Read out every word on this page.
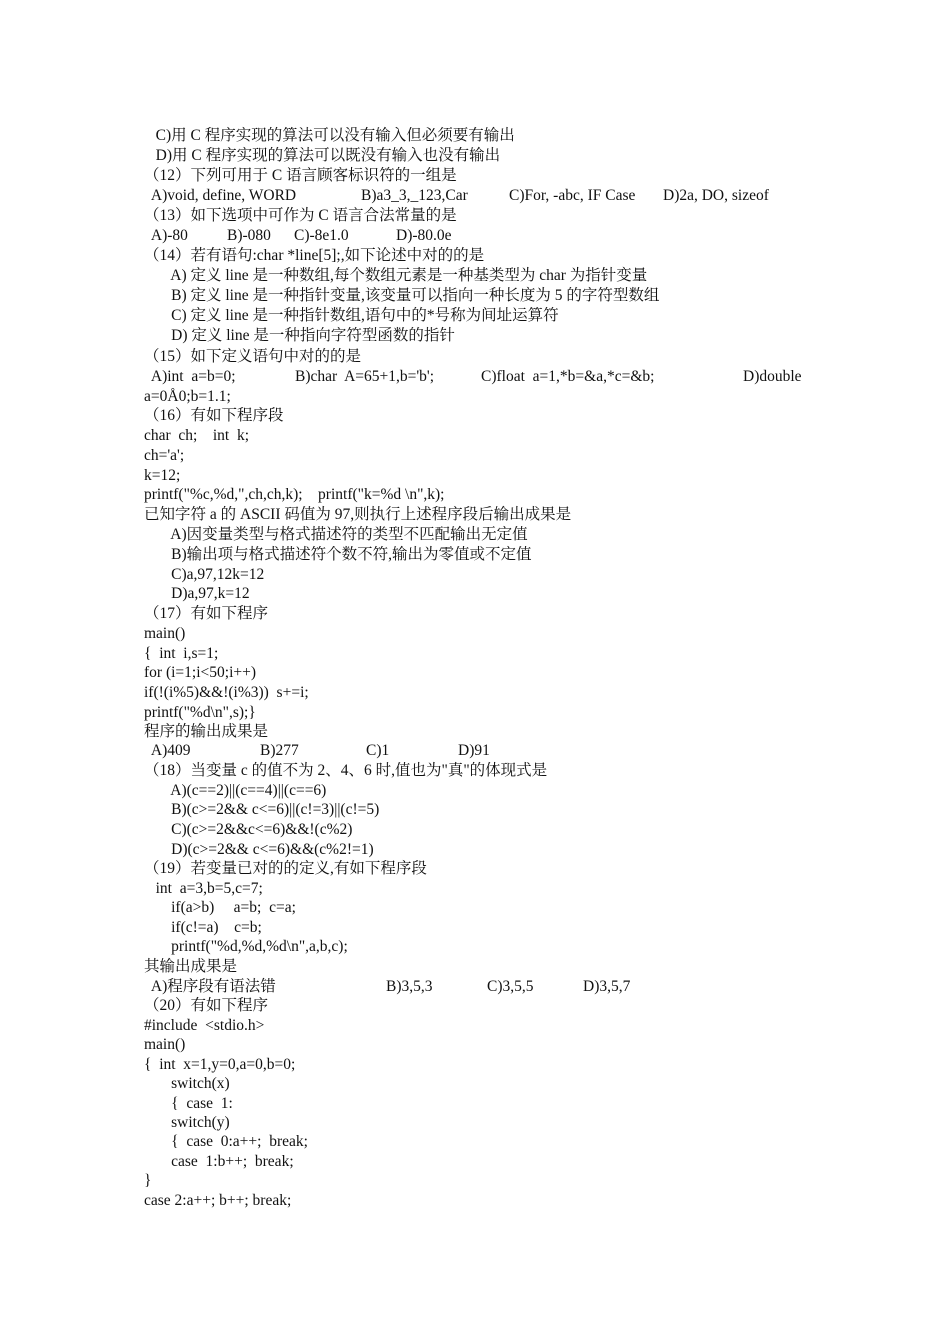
C)用 C 程序实现的算法可以没有输入但必须要有输出
D)用 C 程序实现的算法可以既没有输入也没有输出
（12）下列可用于 C 语言顾客标识符的一组是

A)void, define, WORD

	B)a3_3,_123,Car

	C)For, -abc, IF Case

D)2a, DO, sizeof

（13）如下选项中可作为 C 语言合法常量的是

A)-80

	B)-080

C)-8e1.0

	D)-80.0e

（14）若有语句:char *line[5];,如下论述中对的的是
A) 定义 line 是一种数组,每个数组元素是一种基类型为 char 为指针变量
B) 定义 line 是一种指针变量,该变量可以指向一种长度为 5 的字符型数组
C) 定义 line 是一种指针数组,语句中的*号称为间址运算符
D) 定义 line 是一种指向字符型函数的指针
（15）如下定义语句中对的的是

A)int  a=b=0;

	B)char  A=65+1,b='b';

	C)float  a=1,*b=&a,*c=&b;

	D)double

a=0Å0;b=1.1;
（16）有如下程序段
char  ch;    int  k;
ch='a';
k=12;
printf("%c,%d,",ch,ch,k);    printf("k=%d \n",k);
已知字符 a 的 ASCII 码值为 97,则执行上述程序段后输出成果是
A)因变量类型与格式描述符的类型不匹配输出无定值
B)输出项与格式描述符个数不符,输出为零值或不定值
C)a,97,12k=12
D)a,97,k=12
（17）有如下程序
main()
{  int  i,s=1;
for (i=1;i<50;i++)
if(!(i%5)&&!(i%3))  s+=i;
printf("%d\n",s);}
程序的输出成果是

A)409

	B)277

	C)1

	D)91

（18）当变量 c 的值不为 2、4、6 时,值也为"真"的体现式是
A)(c==2)||(c==4)||(c==6)
B)(c>=2&& c<=6)||(c!=3)||(c!=5)
C)(c>=2&&c<=6)&&!(c%2)
D)(c>=2&& c<=6)&&(c%2!=1)
（19）若变量已对的的定义,有如下程序段
int  a=3,b=5,c=7;
if(a>b)     a=b;  c=a;
if(c!=a)    c=b;
printf("%d,%d,%d\n",a,b,c);
其输出成果是

A)程序段有语法错

	B)3,5,3

	C)3,5,5

	D)3,5,7

（20）有如下程序
#include  <stdio.h>
main()
{  int  x=1,y=0,a=0,b=0;
switch(x)
{  case  1:
switch(y)
{  case  0:a++;  break;
case  1:b++;  break;
}
case 2:a++; b++; break;
